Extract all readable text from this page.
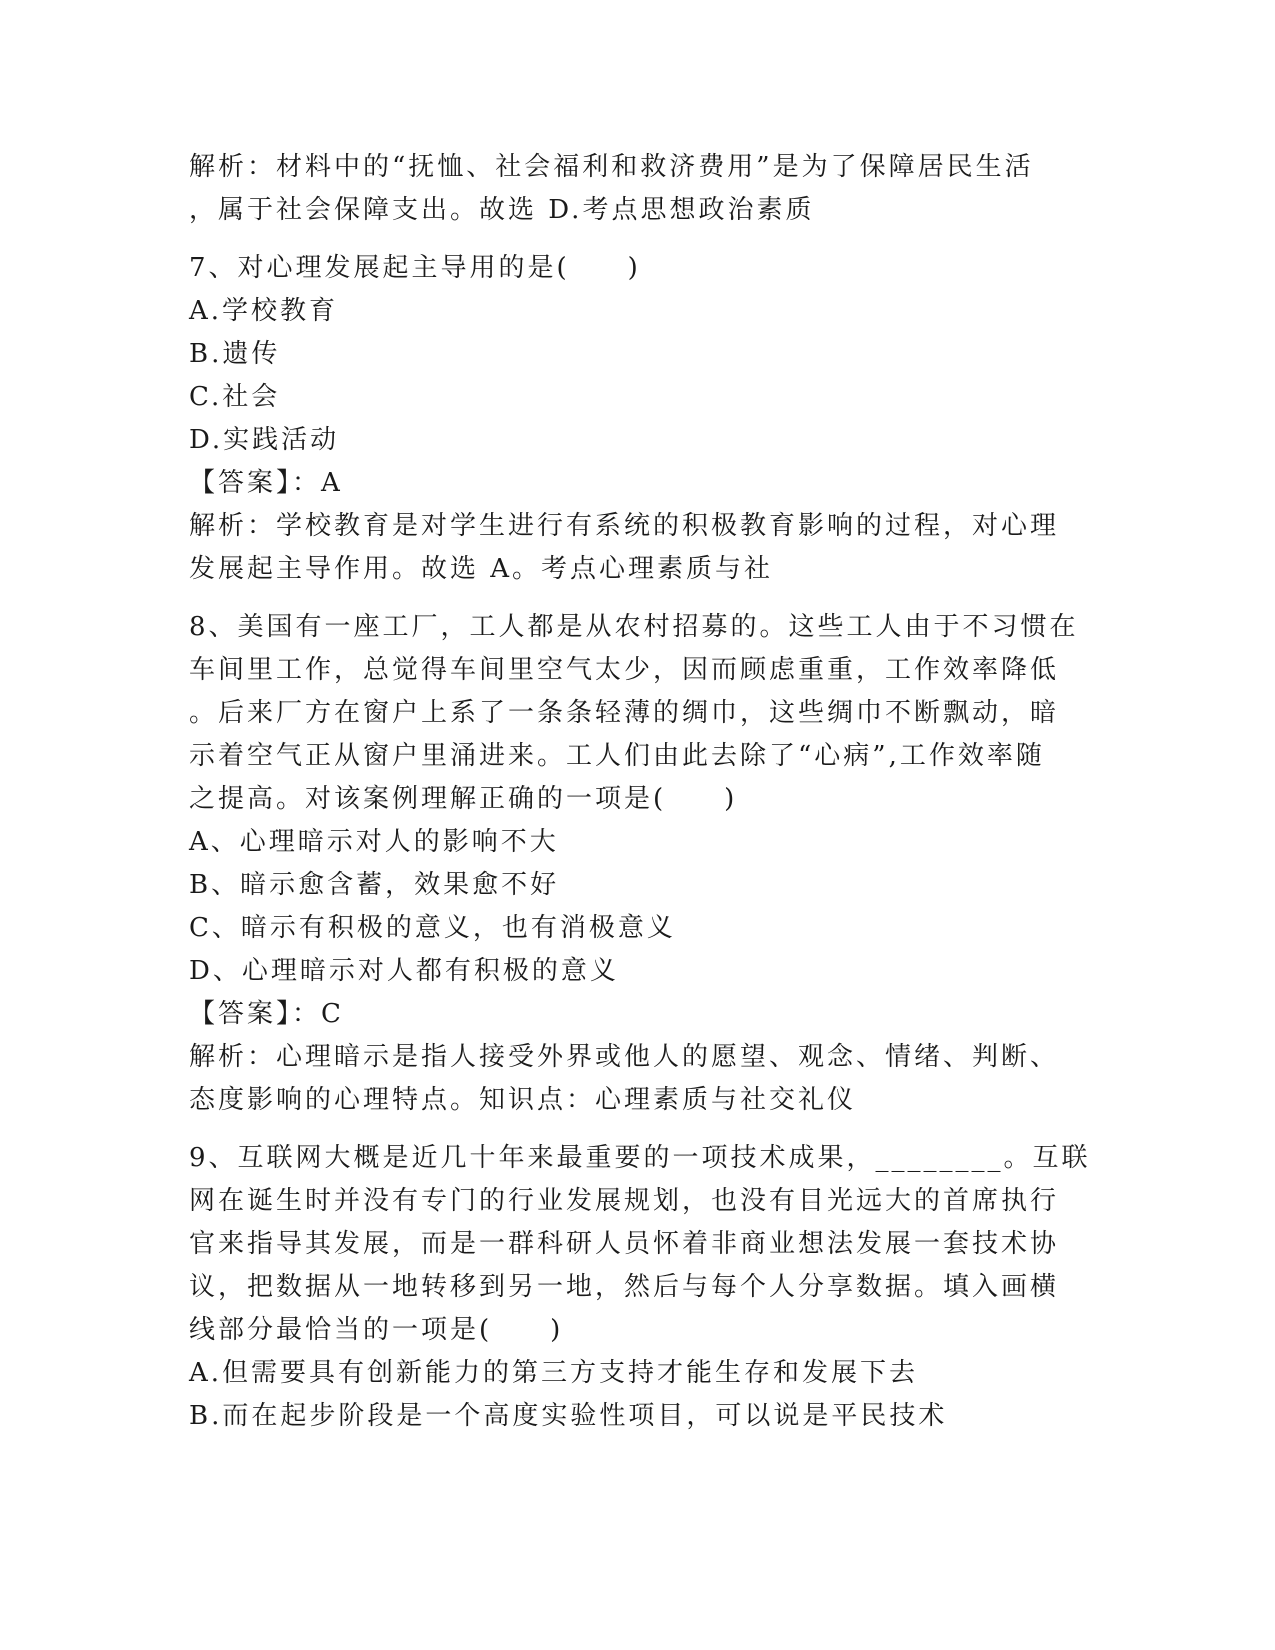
解析：材料中的“抚恤、社会福利和救济费用”是为了保障居民生活
，属于社会保障支出。故选 D.考点思想政治素质
7、对心理发展起主导用的是(　　)
A.学校教育
B.遗传
C.社会
D.实践活动
【答案】：A
解析：学校教育是对学生进行有系统的积极教育影响的过程，对心理
发展起主导作用。故选 A。考点心理素质与社
8、美国有一座工厂，工人都是从农村招募的。这些工人由于不习惯在
车间里工作，总觉得车间里空气太少，因而顾虑重重，工作效率降低
。后来厂方在窗户上系了一条条轻薄的绸巾，这些绸巾不断飘动，暗
示着空气正从窗户里涌进来。工人们由此去除了“心病”,工作效率随
之提高。对该案例理解正确的一项是(　　)
A、心理暗示对人的影响不大
B、暗示愈含蓄，效果愈不好
C、暗示有积极的意义，也有消极意义
D、心理暗示对人都有积极的意义
【答案】：C
解析：心理暗示是指人接受外界或他人的愿望、观念、情绪、判断、
态度影响的心理特点。知识点：心理素质与社交礼仪
9、互联网大概是近几十年来最重要的一项技术成果，________。互联
网在诞生时并没有专门的行业发展规划，也没有目光远大的首席执行
官来指导其发展，而是一群科研人员怀着非商业想法发展一套技术协
议，把数据从一地转移到另一地，然后与每个人分享数据。填入画横
线部分最恰当的一项是(　　)
A.但需要具有创新能力的第三方支持才能生存和发展下去
B.而在起步阶段是一个高度实验性项目，可以说是平民技术
